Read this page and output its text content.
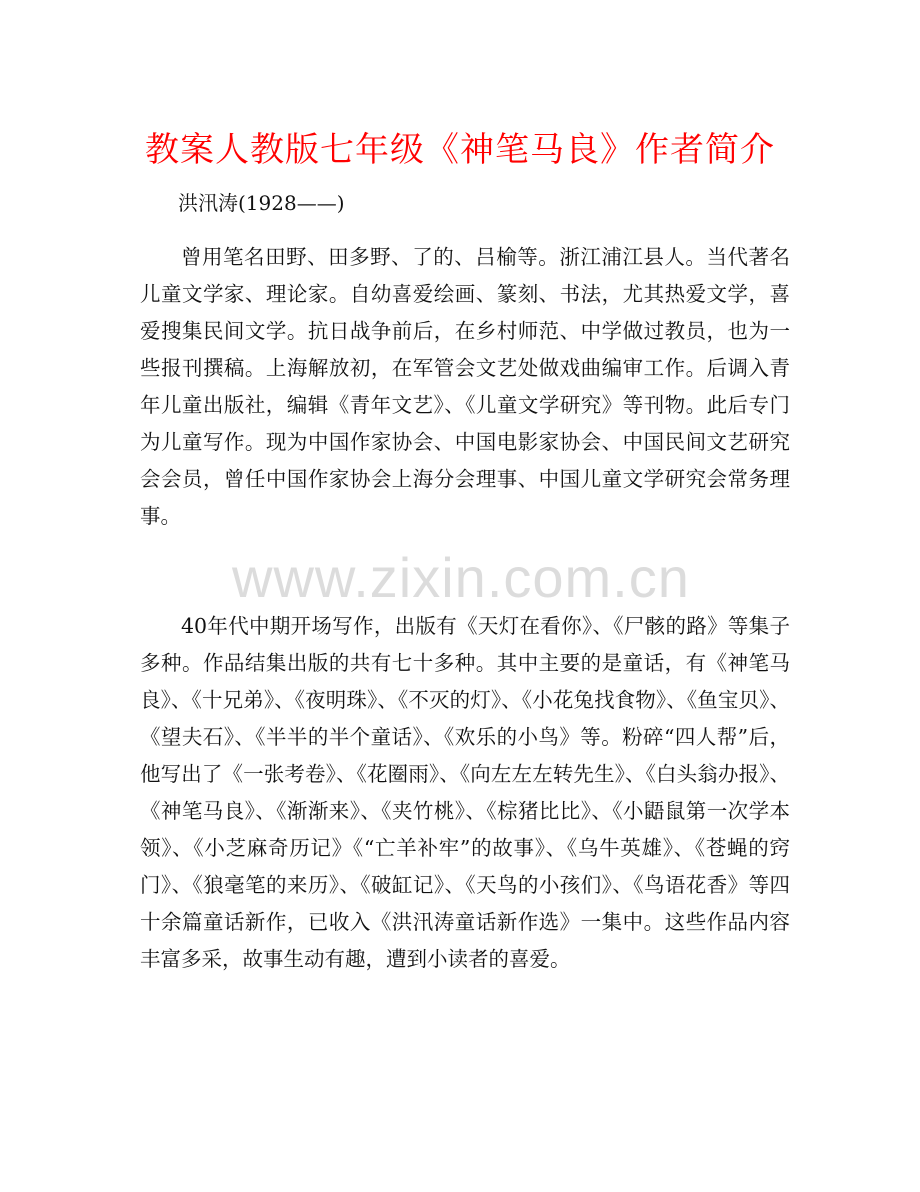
教案人教版七年级《神笔马良》作者简介
洪汛涛(1928——)

曾用笔名田野、田多野、了的、吕榆等。浙江浦江县人。当代著名儿童文学家、理论家。自幼喜爱绘画、篆刻、书法，尤其热爱文学，喜爱搜集民间文学。抗日战争前后，在乡村师范、中学做过教员，也为一些报刊撰稿。上海解放初，在军管会文艺处做戏曲编审工作。后调入青年儿童出版社，编辑《青年文艺》、《儿童文学研究》等刊物。此后专门为儿童写作。现为中国作家协会、中国电影家协会、中国民间文艺研究会会员，曾任中国作家协会上海分会理事、中国儿童文学研究会常务理事。

40年代中期开场写作，出版有《天灯在看你》、《尸骸的路》等集子多种。作品结集出版的共有七十多种。其中主要的是童话，有《神笔马良》、《十兄弟》、《夜明珠》、《不灭的灯》、《小花兔找食物》、《鱼宝贝》、《望夫石》、《半半的半个童话》、《欢乐的小鸟》等。粉碎“四人帮”后，他写出了《一张考卷》、《花圈雨》、《向左左左转先生》、《白头翁办报》、《神笔马良》、《渐渐来》、《夹竹桃》、《棕猪比比》、《小鼯鼠第一次学本领》、《小芝麻奇历记》《“亡羊补牢”的故事》、《乌牛英雄》、《苍蝇的窍门》、《狼毫笔的来历》、《破缸记》、《天鸟的小孩们》、《鸟语花香》等四十余篇童话新作，已收入《洪汛涛童话新作选》一集中。这些作品内容丰富多采，故事生动有趣，遭到小读者的喜爱。

www.zixin.com.cn
